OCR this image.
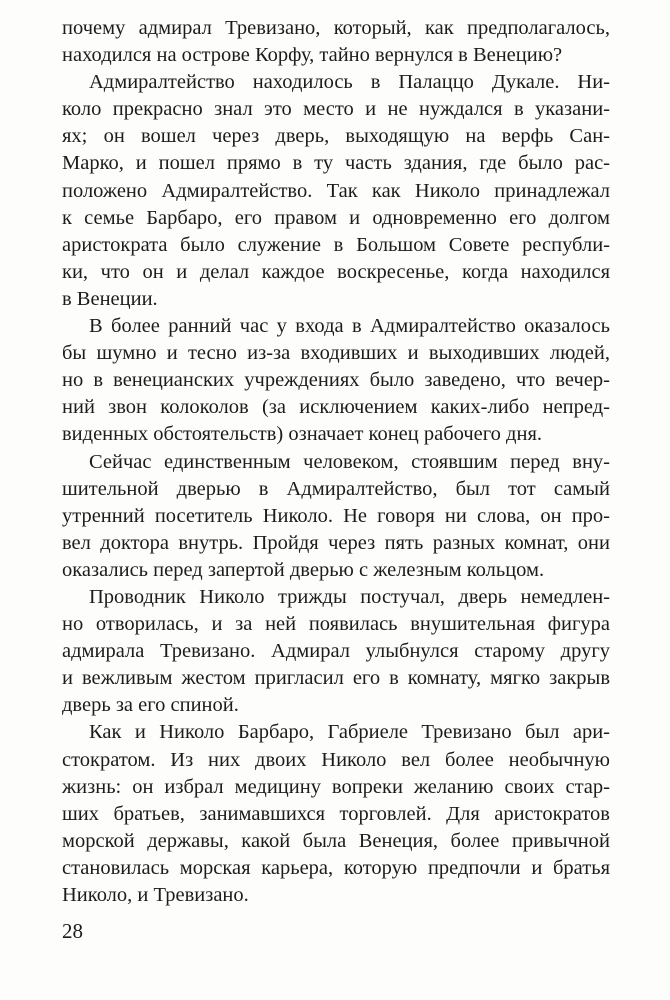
почему адмирал Тревизано, который, как предполагалось,
находился на острове Корфу, тайно вернулся в Венецию?
Адмиралтейство находилось в Палаццо Дукале. Ни-
коло прекрасно знал это место и не нуждался в указани-
ях; он вошел через дверь, выходящую на верфь Сан-
Марко, и пошел прямо в ту часть здания, где было рас-
положено Адмиралтейство. Так как Николо принадлежал
к семье Барбаро, его правом и одновременно его долгом
аристократа было служение в Большом Совете республи-
ки, что он и делал каждое воскресенье, когда находился
в Венеции.
В более ранний час у входа в Адмиралтейство оказалось
бы шумно и тесно из-за входивших и выходивших людей,
но в венецианских учреждениях было заведено, что вечер-
ний звон колоколов (за исключением каких-либо непред-
виденных обстоятельств) означает конец рабочего дня.
Сейчас единственным человеком, стоявшим перед вну-
шительной дверью в Адмиралтейство, был тот самый
утренний посетитель Николо. Не говоря ни слова, он про-
вел доктора внутрь. Пройдя через пять разных комнат, они
оказались перед запертой дверью с железным кольцом.
Проводник Николо трижды постучал, дверь немедлен-
но отворилась, и за ней появилась внушительная фигура
адмирала Тревизано. Адмирал улыбнулся старому другу
и вежливым жестом пригласил его в комнату, мягко закрыв
дверь за его спиной.
Как и Николо Барбаро, Габриеле Тревизано был ари-
стократом. Из них двоих Николо вел более необычную
жизнь: он избрал медицину вопреки желанию своих стар-
ших братьев, занимавшихся торговлей. Для аристократов
морской державы, какой была Венеция, более привычной
становилась морская карьера, которую предпочли и братья
Николо, и Тревизано.
28
